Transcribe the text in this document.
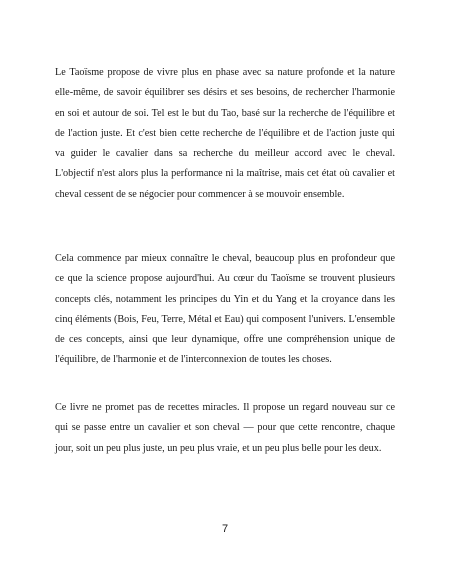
Le Taoïsme propose de vivre plus en phase avec sa nature profonde et la nature elle-même, de savoir équilibrer ses désirs et ses besoins, de rechercher l'harmonie en soi et autour de soi. Tel est le but du Tao, basé sur la recherche de l'équilibre et de l'action juste. Et c'est bien cette recherche de l'équilibre et de l'action juste qui va guider le cavalier dans sa recherche du meilleur accord avec le cheval. L'objectif n'est alors plus la performance ni la maîtrise, mais cet état où cavalier et cheval cessent de se négocier pour commencer à se mouvoir ensemble.

Cela commence par mieux connaître le cheval, beaucoup plus en profondeur que ce que la science propose aujourd'hui. Au cœur du Taoïsme se trouvent plusieurs concepts clés, notamment les principes du Yin et du Yang et la croyance dans les cinq éléments (Bois, Feu, Terre, Métal et Eau) qui composent l'univers. L'ensemble de ces concepts, ainsi que leur dynamique, offre une compréhension unique de l'équilibre, de l'harmonie et de l'interconnexion de toutes les choses.

Ce livre ne promet pas de recettes miracles. Il propose un regard nouveau sur ce qui se passe entre un cavalier et son cheval — pour que cette rencontre, chaque jour, soit un peu plus juste, un peu plus vraie, et un peu plus belle pour les deux.

7
